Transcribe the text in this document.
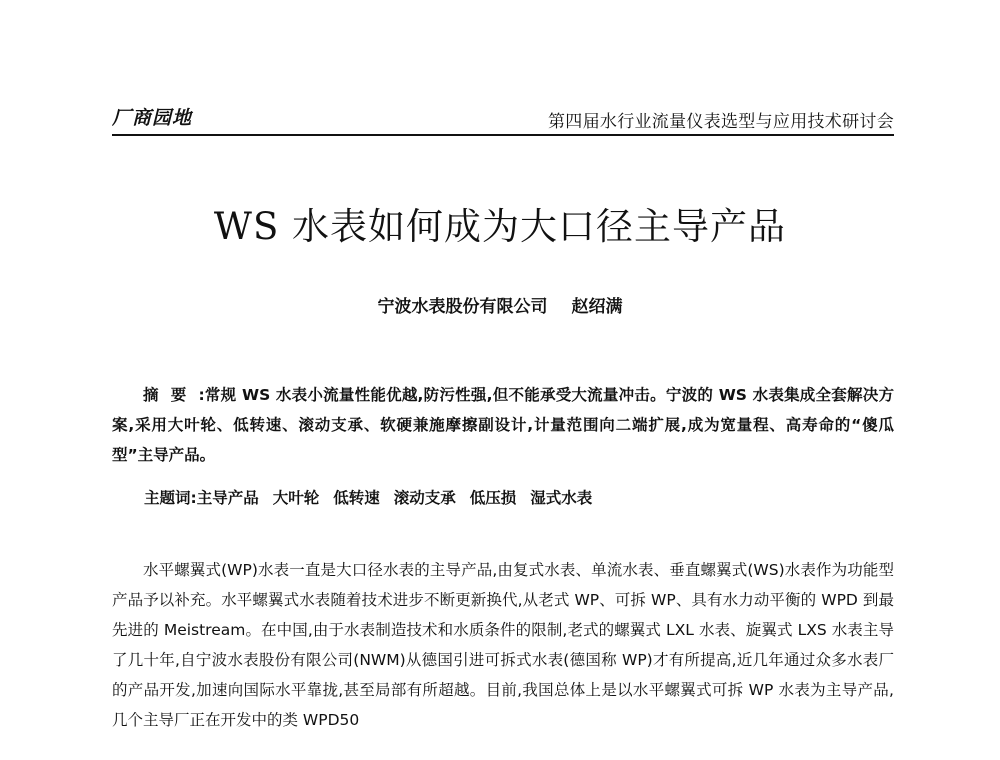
厂商园地	第四届水行业流量仪表选型与应用技术研讨会
WS 水表如何成为大口径主导产品
宁波水表股份有限公司 赵绍满

摘要:常规 WS 水表小流量性能优越,防污性强,但不能承受大流量冲击。宁波的 WS 水表集成全套解决方案,采用大叶轮、低转速、滚动支承、软硬兼施摩擦副设计,计量范围向二端扩展,成为宽量程、高寿命的“傻瓜型”主导产品。

主题词:主导产品 大叶轮 低转速 滚动支承 低压损 湿式水表

水平螺翼式(WP)水表一直是大口径水表的主导产品,由复式水表、单流水表、垂直螺翼式(WS)水表作为功能型产品予以补充。水平螺翼式水表随着技术进步不断更新换代,从老式 WP、可拆 WP、具有水力动平衡的 WPD 到最先进的 Meistream。在中国,由于水表制造技术和水质条件的限制,老式的螺翼式 LXL 水表、旋翼式 LXS 水表主导了几十年,自宁波水表股份有限公司(NWM)从德国引进可拆式水表(德国称 WP)才有所提高,近几年通过众多水表厂的产品开发,加速向国际水平靠拢,甚至局部有所超越。目前,我国总体上是以水平螺翼式可拆 WP 水表为主导产品,几个主导厂正在开发中的类 WPD50
